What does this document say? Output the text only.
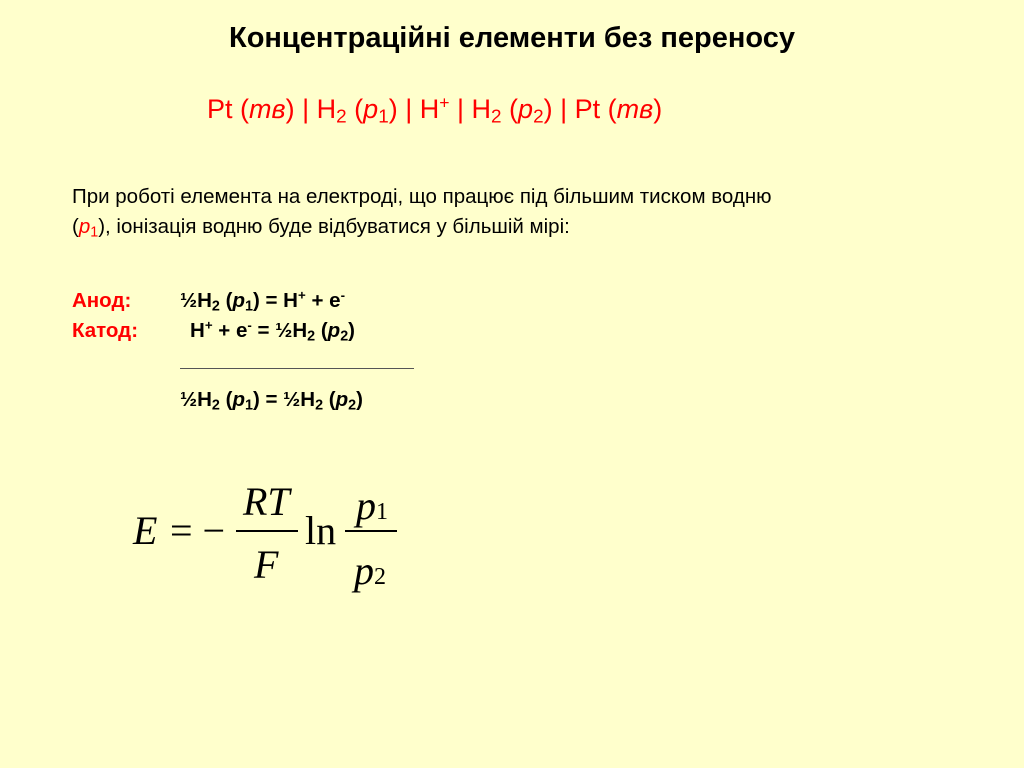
Концентраційні елементи без переносу
Pt (тв) | $H_2$ $(p_1)$ | H+ | $H_2$ $(p_2)$ | Pt (тв)
При роботі елемента на електроді, що працює під більшим тиском водню
$(p_1)$, іонізація водню буде відбуватися у більшій мірі:
Анод: $\frac{1}{2}H_2$ $(p_1) = H^+ + e^-$
Катод:	$H^+ + e^- = \frac{1}{2}H_2$ $(p_2)$
$\frac{1}{2}H_2$ $(p_1)$ = $\frac{1}{2}H_2$ $(p_2)$
E = −
RT
F
ln
p1
p2
